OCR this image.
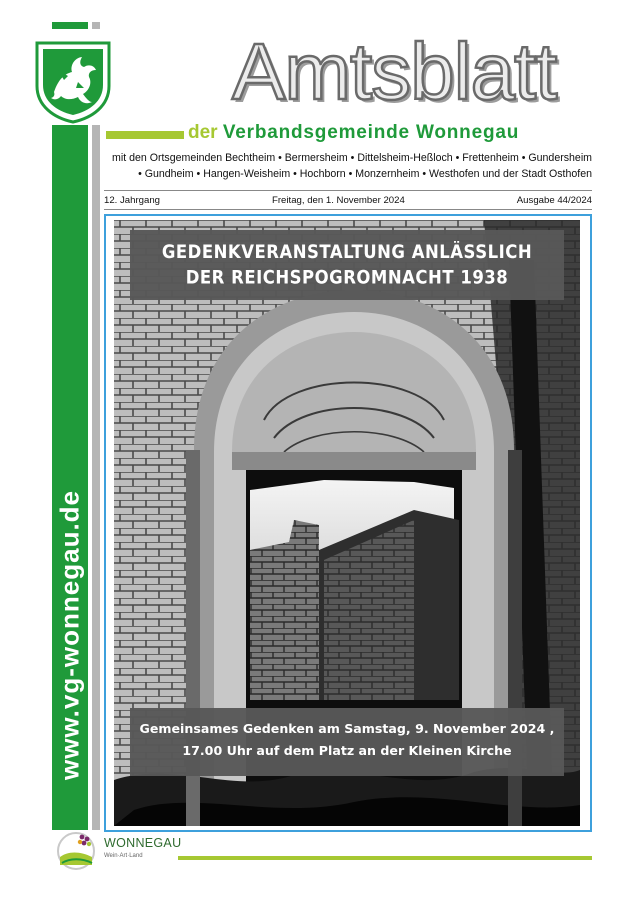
www.vg-wonnegau.de
Amtsblatt
der Verbandsgemeinde Wonnegau
mit den Ortsgemeinden Bechtheim • Bermersheim • Dittelsheim-Heßloch • Frettenheim • Gundersheim
• Gundheim • Hangen-Weisheim • Hochborn • Monzernheim • Westhofen und der Stadt Osthofen
12. Jahrgang	Freitag, den 1. November 2024	Ausgabe 44/2024
GEDENKVERANSTALTUNG ANLÄSSLICH
DER REICHSPOGROMNACHT 1938
Gemeinsames Gedenken am Samstag, 9. November 2024 ,
17.00 Uhr auf dem Platz an der Kleinen Kirche
WONNEGAU
Wein·Art·Land
